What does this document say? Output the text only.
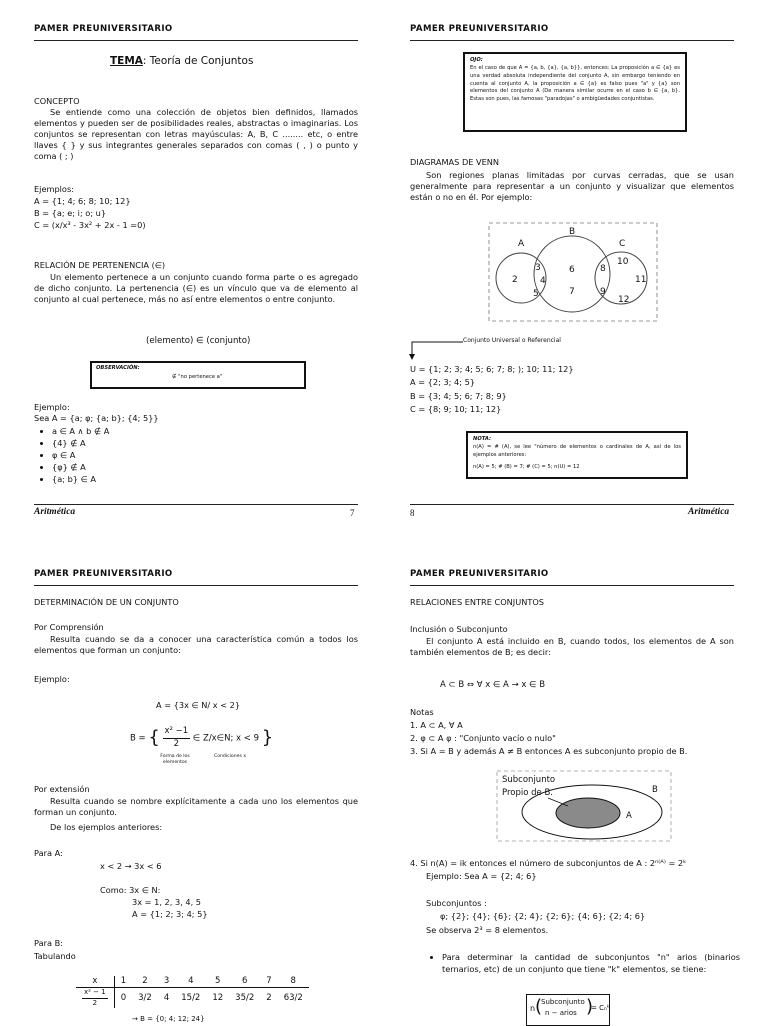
PAMER PREUNIVERSITARIO
TEMA: Teoría de Conjuntos
CONCEPTO
Se entiende como una colección de objetos bien definidos, llamados elementos y pueden ser de posibilidades reales, abstractas o imaginarias. Los conjuntos se representan con letras mayúsculas: A, B, C ........ etc, o entre llaves { } y sus integrantes generales separados con comas ( , ) o punto y coma ( ; )
Ejemplos:
A = {1; 4; 6; 8; 10; 12}
B = {a; e; i; o; u}
C = (x/x³ - 3x² + 2x - 1 =0)
RELACIÓN DE PERTENENCIA (∈)
Un elemento pertenece a un conjunto cuando forma parte o es agregado de dicho conjunto. La pertenencia (∈) es un vínculo que va de elemento al conjunto al cual pertenece, más no así entre elementos o entre conjunto.
(elemento) ∈ (conjunto)
OBSERVACIÓN:
∉ "no pertenece a"
Ejemplo:
Sea A = {a; φ; {a; b}; {4; 5}}
• a ∈ A ∧ b ∉ A
• {4} ∉ A
• φ ∈ A
• {φ} ∉ A
• {a; b} ∈ A
Aritmética	7
PAMER PREUNIVERSITARIO
OJO:
En el caso de que A = {a, b, {a}, {a, b}}, entonces: La proposición a ∈ {a} es una verdad absoluta independiente del conjunto A, sin embargo teniendo en cuenta al conjunto A, la proposición a ∈ {a} es falso pues "a" y {a} son elementos del conjunto A (De manera similar ocurre en el caso b ∈ {a, b}. Estas son pues, las famosas "paradojas" o ambigüedades conjuntistas.
DIAGRAMAS DE VENN
Son regiones planas limitadas por curvas cerradas, que se usan generalmente para representar a un conjunto y visualizar que elementos están o no en él. Por ejemplo:
A
B
C
2
3
4
5
6
7
8
9
10
11
12
Conjunto Universal o Referencial
U = {1; 2; 3; 4; 5; 6; 7; 8; ); 10; 11; 12}
A = {2; 3; 4; 5}
B = {3; 4; 5; 6; 7; 8; 9}
C = {8; 9; 10; 11; 12}
NOTA:
n(A) = # (A), se lee "número de elementos o cardinales de A, así de los ejemplos anteriores:
n(A) = 5; # (B) = 7; # (C) = 5; n(U) = 12
8	Aritmética
PAMER PREUNIVERSITARIO
DETERMINACIÓN DE UN CONJUNTO
Por Comprensión
Resulta cuando se da a conocer una característica común a todos los elementos que forman un conjunto:
Ejemplo:
A = {3x ∈ N/ x < 2}
B = { $\frac{\text{x² −1}}{2}$ ∈ Z/x∈N; x < 9 }
Forma de los elementos
Condiciones x
Por extensión
Resulta cuando se nombre explícitamente a cada uno los elementos que forman un conjunto.
De los ejemplos anteriores:
Para A:
x < 2 → 3x < 6
Como: 3x ∈ N:
3x = 1, 2, 3, 4, 5
A = {1; 2; 3; 4; 5}
Para B:
Tabulando
x	1	2	3	4	5	6	7	8

$\frac{\text{x² − 1}}{2}$	0	3/2	4	15/2	12	35/2	2	63/2
→ B = {0; 4; 12; 24}
PAMER PREUNIVERSITARIO
RELACIONES ENTRE CONJUNTOS
Inclusión o Subconjunto
El conjunto A está incluido en B, cuando todos, los elementos de A son también elementos de B; es decir:
A ⊂ B ⇔ ∀ x ∈ A → x ∈ B
Notas
1. A ⊂ A, ∀ A
2. φ ⊂ A φ : "Conjunto vacío o nulo"
3. Si A = B y además A ≠ B entonces A es subconjunto propio de B.
Subconjunto
Propio de B.	B
A
4. Si n(A) = ik entonces el número de subconjuntos de A : 2ⁿ⁽ᴬ⁾ = 2ᵏ
Ejemplo: Sea A = {2; 4; 6}
Subconjuntos :
φ; {2}; {4}; {6}; {2; 4}; {2; 6}; {4; 6}; {2; 4; 6}
Se observa 2³ = 8 elementos.
• Para determinar la cantidad de subconjuntos "n" arios (binarios ternarios, etc) de un conjunto que tiene "k" elementos, se tiene:
n (
Subconjunto
n − arios )
= Cₙᵏ
